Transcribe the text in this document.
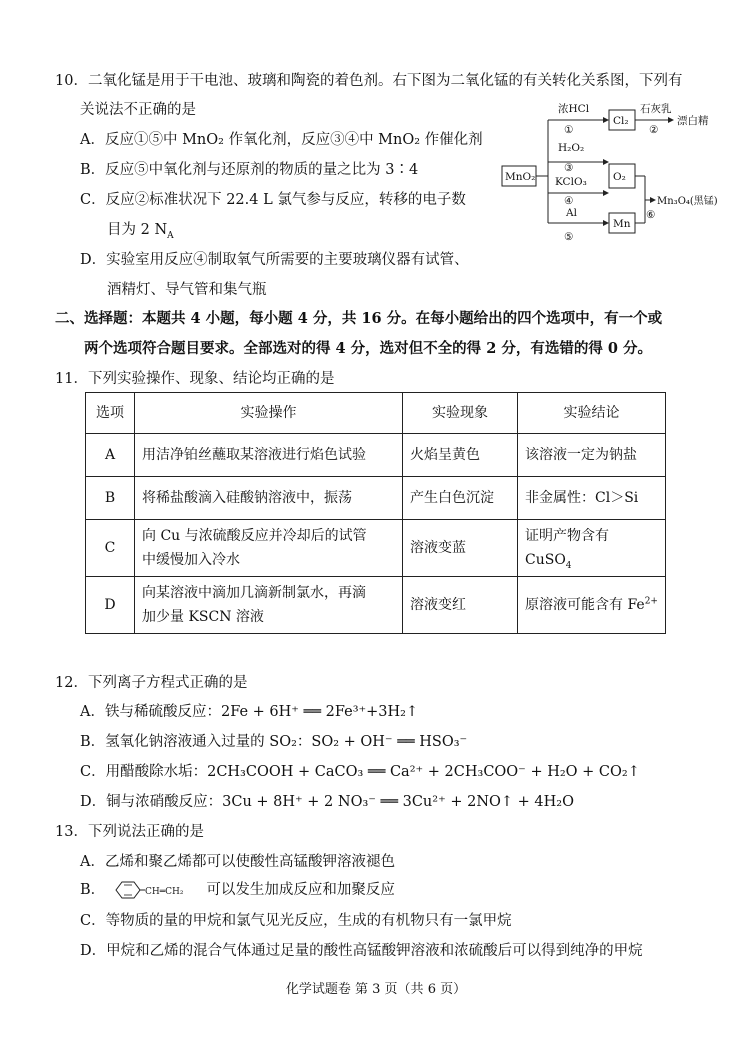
10．二氧化锰是用于干电池、玻璃和陶瓷的着色剂。右下图为二氧化锰的有关转化关系图，下列有
关说法不正确的是
A．反应①⑤中 MnO₂ 作氧化剂，反应③④中 MnO₂ 作催化剂
B．反应⑤中氧化剂与还原剂的物质的量之比为 3∶4
C．反应②标准状况下 22.4 L 氯气参与反应，转移的电子数
目为 2 $N_A$
D．实验室用反应④制取氧气所需要的主要玻璃仪器有试管、
酒精灯、导气管和集气瓶
MnO₂
浓HCl
①
Cl₂
石灰乳
②
漂白精
H₂O₂
③
KClO₃
④
O₂
Al
⑤
Mn
⑥
Mn₃O₄(黑锰)
二、选择题：本题共 4 小题，每小题 4 分，共 16 分。在每小题给出的四个选项中，有一个或
两个选项符合题目要求。全部选对的得 4 分，选对但不全的得 2 分，有选错的得 0 分。
11．下列实验操作、现象、结论均正确的是
选项	实验操作	实验现象	实验结论
A	用洁净铂丝蘸取某溶液进行焰色试验	火焰呈黄色	该溶液一定为钠盐
B	将稀盐酸滴入硅酸钠溶液中，振荡	产生白色沉淀	非金属性：Cl＞Si
C	向 Cu 与浓硫酸反应并冷却后的试管
中缓慢加入冷水	溶液变蓝	证明产物含有 CuSO$_4$
D	向某溶液中滴加几滴新制氯水，再滴
加少量 KSCN 溶液	溶液变红	原溶液可能含有 $Fe^{2+}$
12．下列离子方程式正确的是
A．铁与稀硫酸反应：2Fe + 6H⁺ ══ 2Fe³⁺+3H₂↑
B．氢氧化钠溶液通入过量的 SO₂：SO₂ + OH⁻ ══ HSO₃⁻
C．用醋酸除水垢：2CH₃COOH + CaCO₃ ══ Ca²⁺ + 2CH₃COO⁻ + H₂O + CO₂↑
D．铜与浓硝酸反应：3Cu + 8H⁺ + 2 NO₃⁻ ══ 3Cu²⁺ + 2NO↑ + 4H₂O
13．下列说法正确的是
A．乙烯和聚乙烯都可以使酸性高锰酸钾溶液褪色
B．	CH═CH₂ 可以发生加成反应和加聚反应
C．等物质的量的甲烷和氯气见光反应，生成的有机物只有一氯甲烷
D．甲烷和乙烯的混合气体通过足量的酸性高锰酸钾溶液和浓硫酸后可以得到纯净的甲烷
化学试题卷 第 3 页（共 6 页）
